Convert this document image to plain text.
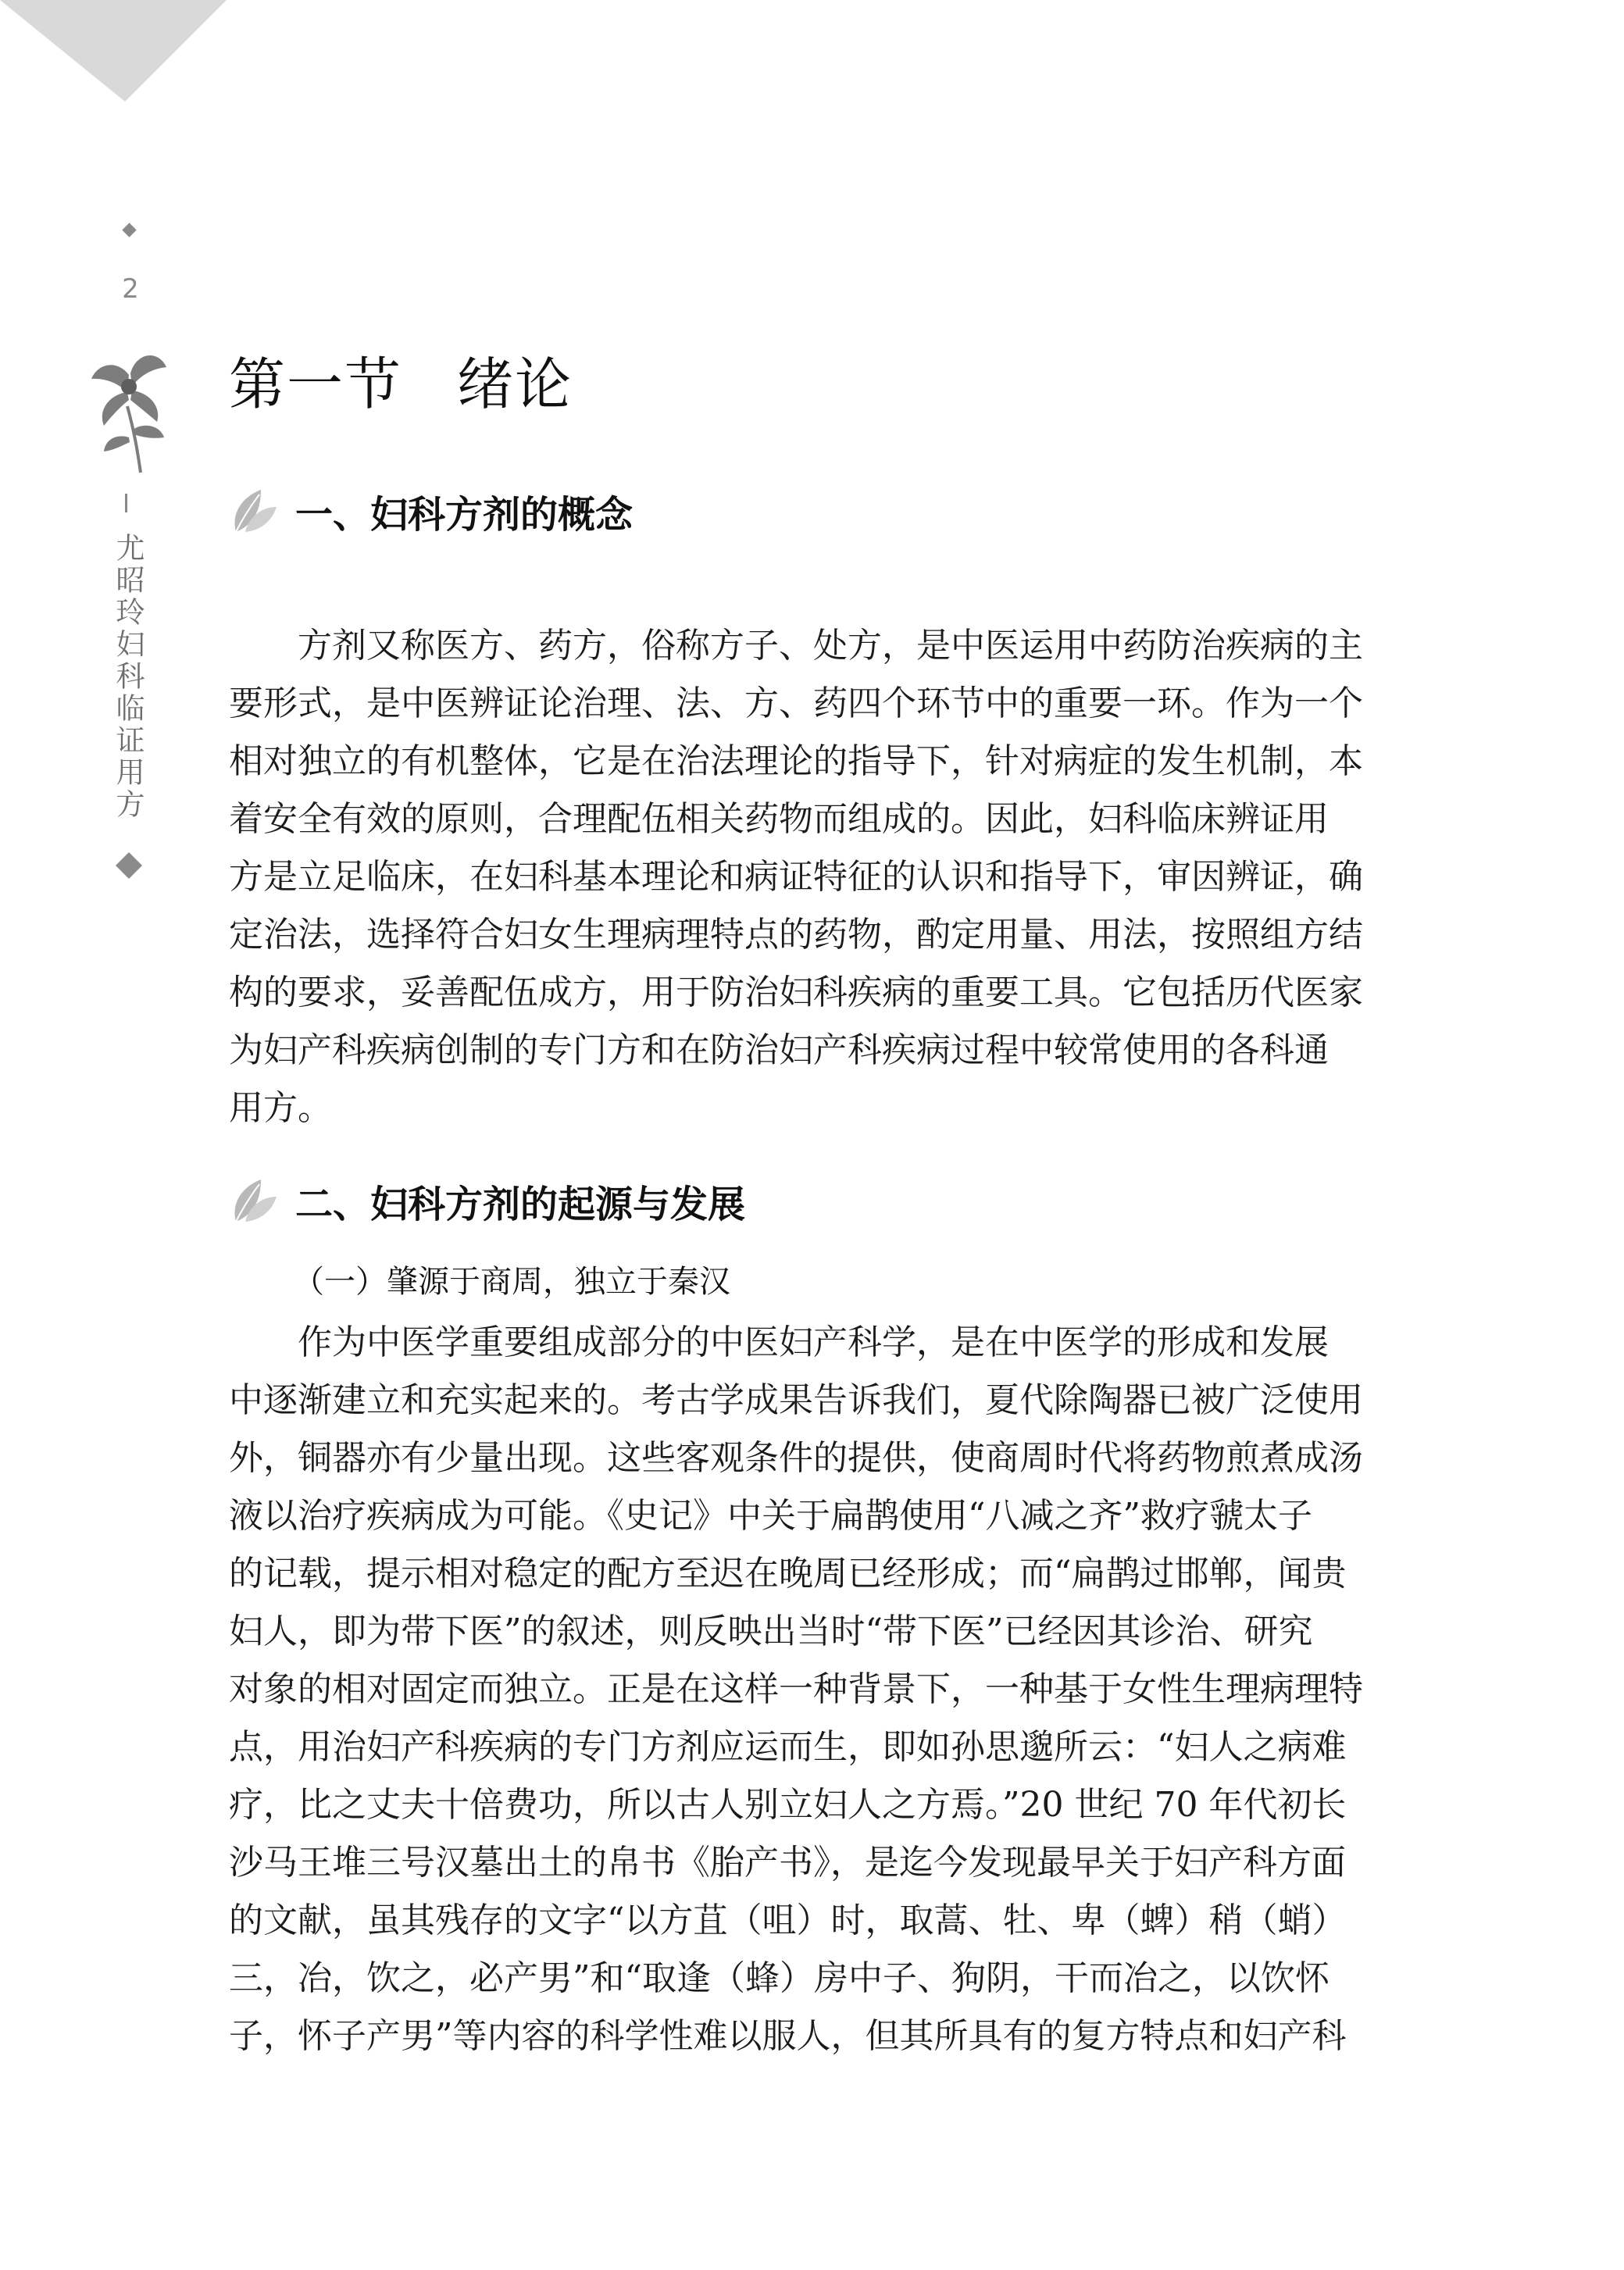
2
尤昭玲妇科临证用方
第一节 绪论
一、妇科方剂的概念
方剂又称医方、药方，俗称方子、处方，是中医运用中药防治疾病的主
要形式，是中医辨证论治理、法、方、药四个环节中的重要一环。作为一个
相对独立的有机整体，它是在治法理论的指导下，针对病症的发生机制，本
着安全有效的原则，合理配伍相关药物而组成的。因此，妇科临床辨证用
方是立足临床，在妇科基本理论和病证特征的认识和指导下，审因辨证，确
定治法，选择符合妇女生理病理特点的药物，酌定用量、用法，按照组方结
构的要求，妥善配伍成方，用于防治妇科疾病的重要工具。它包括历代医家
为妇产科疾病创制的专门方和在防治妇产科疾病过程中较常使用的各科通
用方。
二、妇科方剂的起源与发展
（一）肇源于商周，独立于秦汉
作为中医学重要组成部分的中医妇产科学，是在中医学的形成和发展
中逐渐建立和充实起来的。考古学成果告诉我们，夏代除陶器已被广泛使用
外，铜器亦有少量出现。这些客观条件的提供，使商周时代将药物煎煮成汤
液以治疗疾病成为可能。《史记》中关于扁鹊使用“八减之齐”救疗虢太子
的记载，提示相对稳定的配方至迟在晚周已经形成；而“扁鹊过邯郸，闻贵
妇人，即为带下医”的叙述，则反映出当时“带下医”已经因其诊治、研究
对象的相对固定而独立。正是在这样一种背景下，一种基于女性生理病理特
点，用治妇产科疾病的专门方剂应运而生，即如孙思邈所云：“妇人之病难
疗，比之丈夫十倍费功，所以古人别立妇人之方焉。”20 世纪 70 年代初长
沙马王堆三号汉墓出土的帛书《胎产书》，是迄今发现最早关于妇产科方面
的文献，虽其残存的文字“以方苴（咀）时，取蒿、牡、卑（蜱）稍（蛸）
三，冶，饮之，必产男”和“取逢（蜂）房中子、狗阴，干而冶之，以饮怀
子，怀子产男”等内容的科学性难以服人，但其所具有的复方特点和妇产科
